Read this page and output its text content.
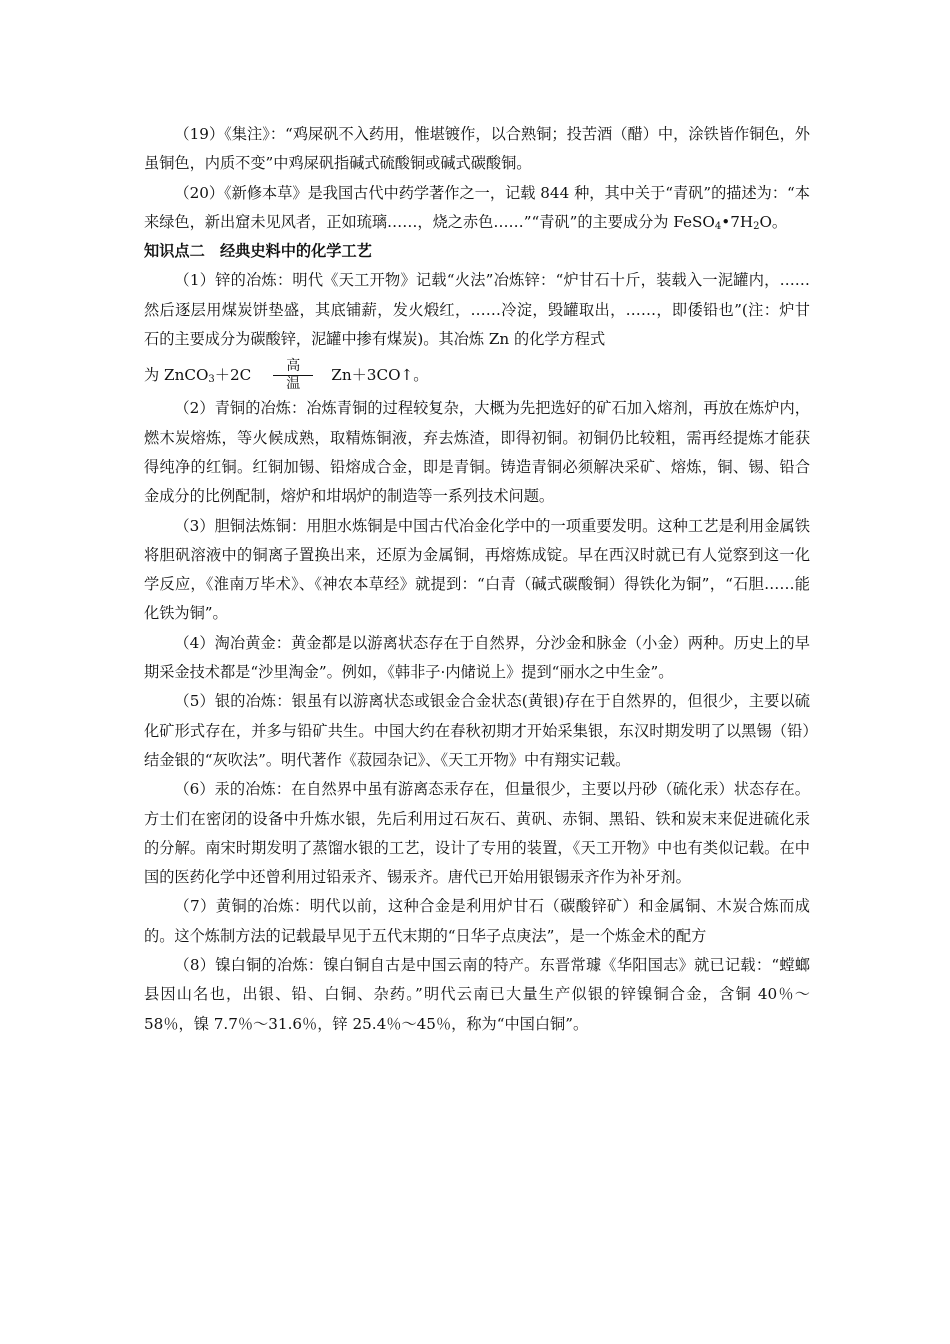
（19）《集注》：“鸡屎矾不入药用，惟堪镀作，以合熟铜；投苦酒（醋）中，涂铁皆作铜色，外虽铜色，内质不变”中鸡屎矾指碱式硫酸铜或碱式碳酸铜。

（20）《新修本草》是我国古代中药学著作之一，记载 844 种，其中关于“青矾”的描述为：“本来绿色，新出窟未见风者，正如琉璃……，烧之赤色……”“青矾”的主要成分为 $FeSO_4•7H_2O$。

知识点二　经典史料中的化学工艺

（1）锌的冶炼：明代《天工开物》记载“火法”冶炼锌：“炉甘石十斤，装载入一泥罐内，……然后逐层用煤炭饼垫盛，其底铺薪，发火煅红，……冷淀，毁罐取出，……，即倭铅也”(注：炉甘石的主要成分为碳酸锌，泥罐中掺有煤炭)。其冶炼 Zn 的化学方程式

为 ZnCO$_3$＋2C
高
温	Zn＋3CO↑。

（2）青铜的冶炼：冶炼青铜的过程较复杂，大概为先把选好的矿石加入熔剂，再放在炼炉内，燃木炭熔炼，等火候成熟，取精炼铜液，弃去炼渣，即得初铜。初铜仍比较粗，需再经提炼才能获得纯净的红铜。红铜加锡、铅熔成合金，即是青铜。铸造青铜必须解决采矿、熔炼，铜、锡、铅合金成分的比例配制，熔炉和坩埚炉的制造等一系列技术问题。

（3）胆铜法炼铜：用胆水炼铜是中国古代冶金化学中的一项重要发明。这种工艺是利用金属铁将胆矾溶液中的铜离子置换出来，还原为金属铜，再熔炼成锭。早在西汉时就已有人觉察到这一化学反应，《淮南万毕术》、《神农本草经》就提到：“白青（碱式碳酸铜）得铁化为铜”，“石胆……能化铁为铜”。

（4）淘冶黄金：黄金都是以游离状态存在于自然界，分沙金和脉金（小金）两种。历史上的早期采金技术都是“沙里淘金”。例如，《韩非子·内储说上》提到“丽水之中生金”。

（5）银的冶炼：银虽有以游离状态或银金合金状态(黄银)存在于自然界的，但很少，主要以硫化矿形式存在，并多与铅矿共生。中国大约在春秋初期才开始采集银，东汉时期发明了以黑锡（铅）结金银的“灰吹法”。明代著作《菽园杂记》、《天工开物》中有翔实记载。

（6）汞的冶炼：在自然界中虽有游离态汞存在，但量很少，主要以丹砂（硫化汞）状态存在。方士们在密闭的设备中升炼水银，先后利用过石灰石、黄矾、赤铜、黑铅、铁和炭末来促进硫化汞的分解。南宋时期发明了蒸馏水银的工艺，设计了专用的装置，《天工开物》中也有类似记载。在中国的医药化学中还曾利用过铅汞齐、锡汞齐。唐代已开始用银锡汞齐作为补牙剂。

（7）黄铜的冶炼：明代以前，这种合金是利用炉甘石（碳酸锌矿）和金属铜、木炭合炼而成的。这个炼制方法的记载最早见于五代末期的“日华子点庚法”，是一个炼金术的配方

（8）镍白铜的冶炼：镍白铜自古是中国云南的特产。东晋常璩《华阳国志》就已记载：“螳螂县因山名也，出银、铅、白铜、杂药。”明代云南已大量生产似银的锌镍铜合金，含铜 40％～58％，镍 7.7％～31.6％，锌 25.4％～45％，称为“中国白铜”。
